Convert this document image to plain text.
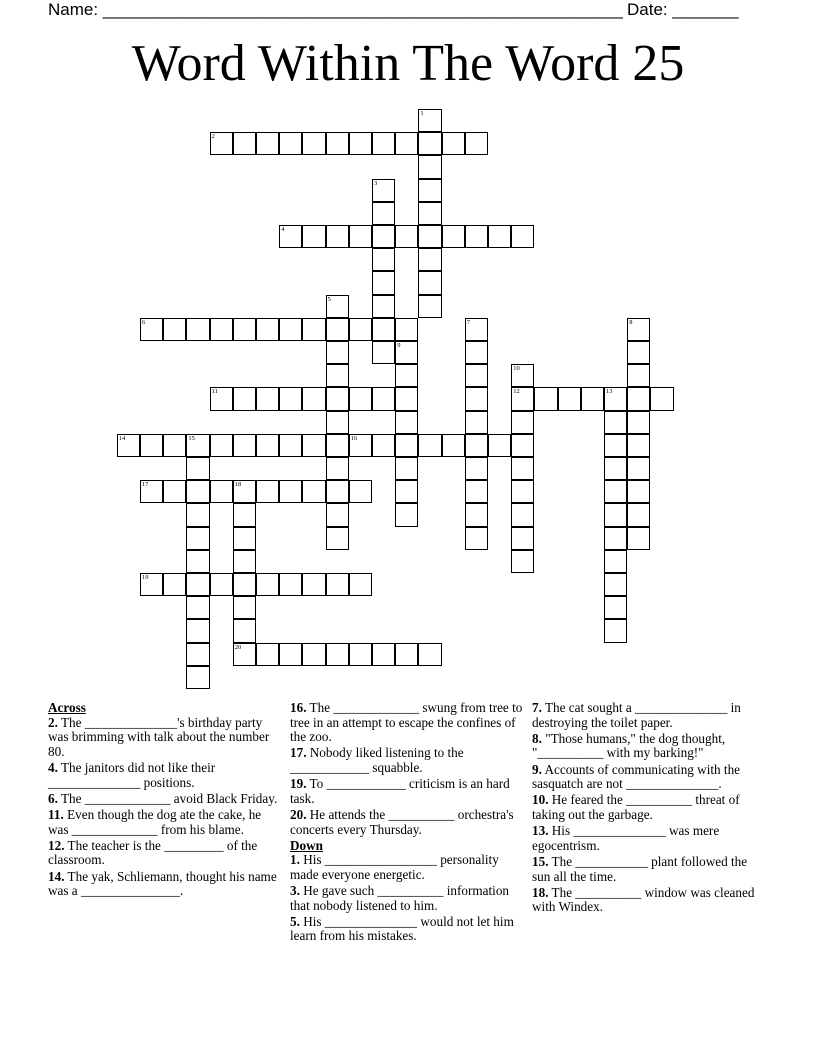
Name: _______________________________________________________ Date: _______
Word Within The Word 25
1
2
3
4
5
6	7	8
9
10
12
11	13
14	15	16
17	18
19
20
Across
2. The ______________'s birthday party was brimming with talk about the number 80.
4. The janitors did not like their ______________ positions.
6. The _____________ avoid Black Friday.
11. Even though the dog ate the cake, he was _____________ from his blame.
12. The teacher is the _________ of the classroom.
14. The yak, Schliemann, thought his name was a _______________.
16. The _____________ swung from tree to tree in an attempt to escape the confines of the zoo.
17. Nobody liked listening to the ____________ squabble.
19. To ____________ criticism is an hard task.
20. He attends the __________ orchestra's concerts every Thursday.
Down
1. His _________________ personality made everyone energetic.
3. He gave such __________ information that nobody listened to him.
5. His ______________ would not let him learn from his mistakes.
7. The cat sought a ______________ in destroying the toilet paper.
8. "Those humans," the dog thought, "__________ with my barking!"
9. Accounts of communicating with the sasquatch are not ______________.
10. He feared the __________ threat of taking out the garbage.
13. His ______________ was mere egocentrism.
15. The ___________ plant followed the sun all the time.
18. The __________ window was cleaned with Windex.
